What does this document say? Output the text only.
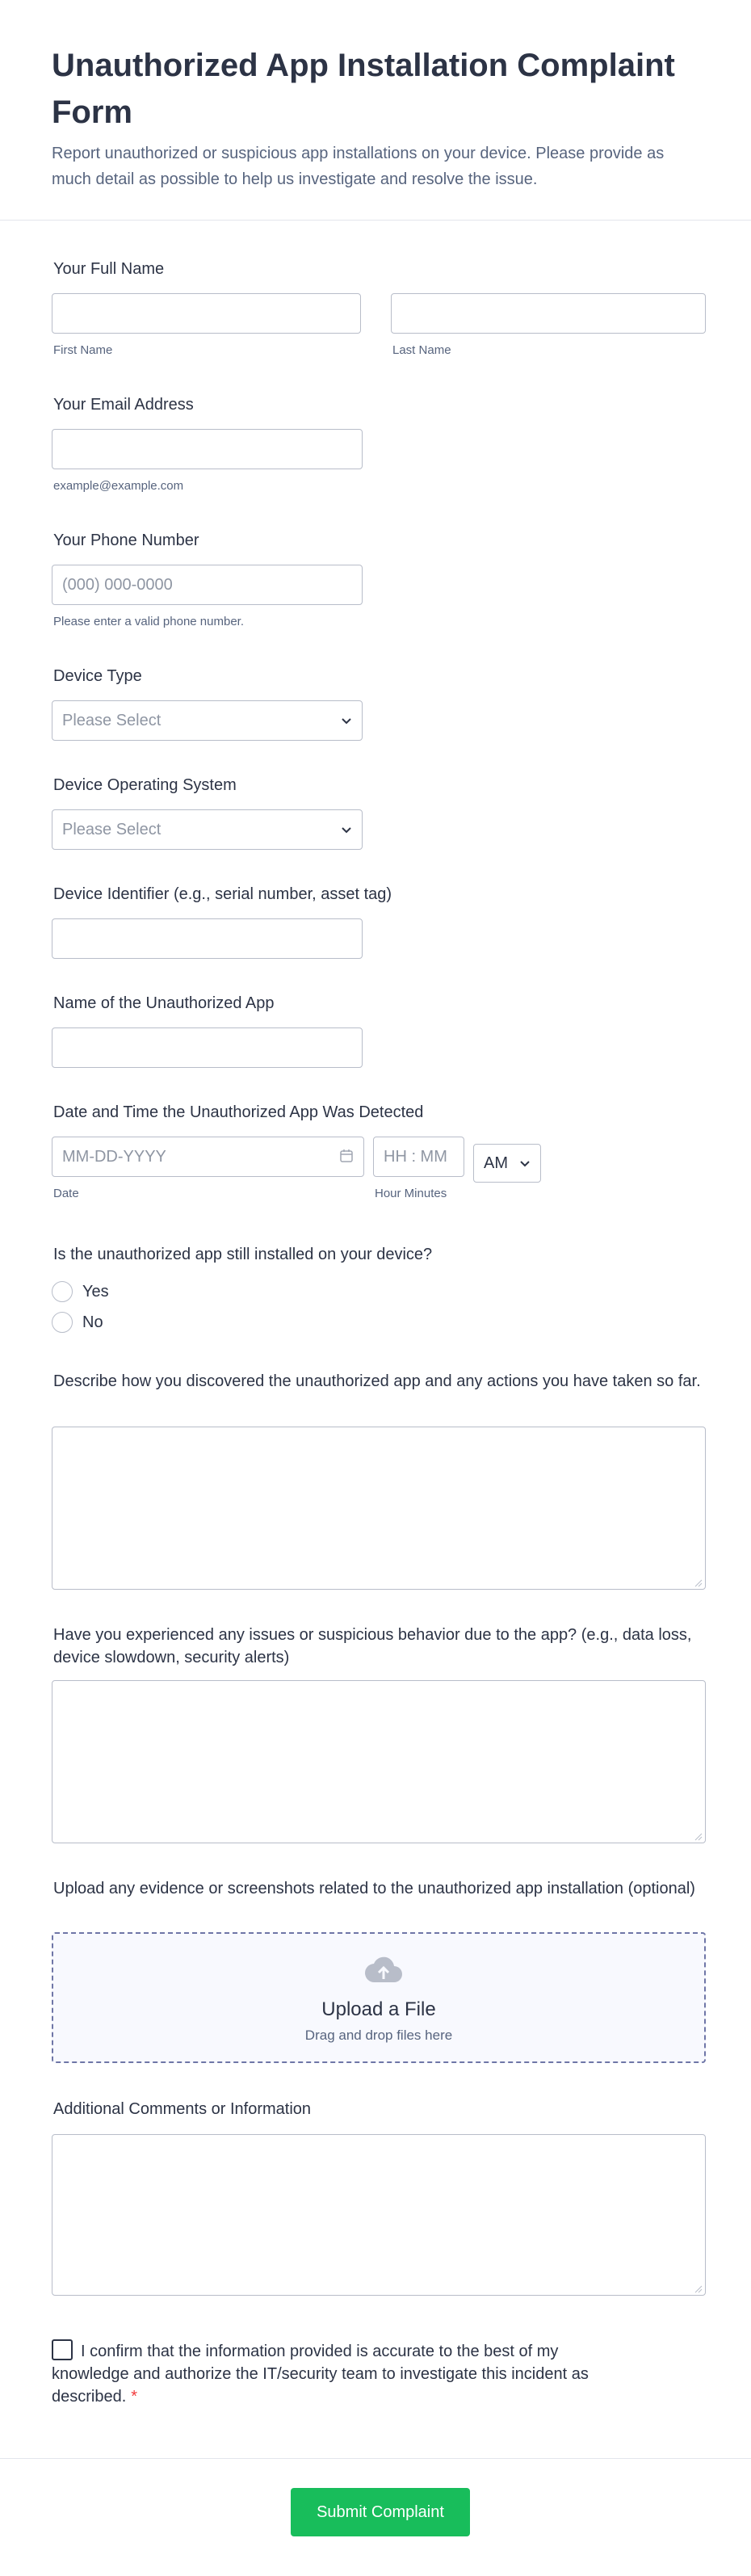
Unauthorized App Installation Complaint Form
Report unauthorized or suspicious app installations on your device. Please provide as much detail as possible to help us investigate and resolve the issue.
Your Full Name
First Name	Last Name
Your Email Address
example@example.com
Your Phone Number
(000) 000-0000
Please enter a valid phone number.
Device Type
Please Select
Device Operating System
Please Select
Device Identifier (e.g., serial number, asset tag)
Name of the Unauthorized App
Date and Time the Unauthorized App Was Detected
MM-DD-YYYY
Date
HH : MM
Hour Minutes
AM
Is the unauthorized app still installed on your device?
Yes
No
Describe how you discovered the unauthorized app and any actions you have taken so far.
Have you experienced any issues or suspicious behavior due to the app? (e.g., data loss, device slowdown, security alerts)
Upload any evidence or screenshots related to the unauthorized app installation (optional)
Upload a File
Drag and drop files here
Additional Comments or Information
I confirm that the information provided is accurate to the best of my knowledge and authorize the IT/security team to investigate this incident as described. *
Submit Complaint
